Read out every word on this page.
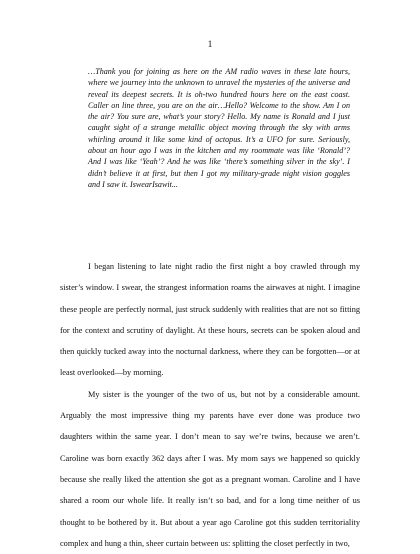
1

…Thank you for joining as here on the AM radio waves in these late hours, where we journey into the unknown to unravel the mysteries of the universe and reveal its deepest secrets. It is oh-two hundred hours here on the east coast. Caller on line three, you are on the air…Hello? Welcome to the show. Am I on the air? You sure are, what’s your story? Hello. My name is Ronald and I just caught sight of a strange metallic object moving through the sky with arms whirling around it like some kind of octopus. It’s a UFO for sure. Seriously, about an hour ago I was in the kitchen and my roommate was like ‘Ronald’? And I was like ‘Yeah’? And he was like ‘there’s something silver in the sky’. I didn’t believe it at first, but then I got my military-grade night vision goggles and I saw it. IswearIsawit...

I began listening to late night radio the first night a boy crawled through my sister’s window. I swear, the strangest information roams the airwaves at night. I imagine these people are perfectly normal, just struck suddenly with realities that are not so fitting for the context and scrutiny of daylight. At these hours, secrets can be spoken aloud and then quickly tucked away into the nocturnal darkness, where they can be forgotten—or at least overlooked—by morning.

My sister is the younger of the two of us, but not by a considerable amount. Arguably the most impressive thing my parents have ever done was produce two daughters within the same year. I don’t mean to say we’re twins, because we aren’t. Caroline was born exactly 362 days after I was. My mom says we happened so quickly because she really liked the attention she got as a pregnant woman. Caroline and I have shared a room our whole life. It really isn’t so bad, and for a long time neither of us thought to be bothered by it. But about a year ago Caroline got this sudden territoriality complex and hung a thin, sheer curtain between us: splitting the closet perfectly in two,
